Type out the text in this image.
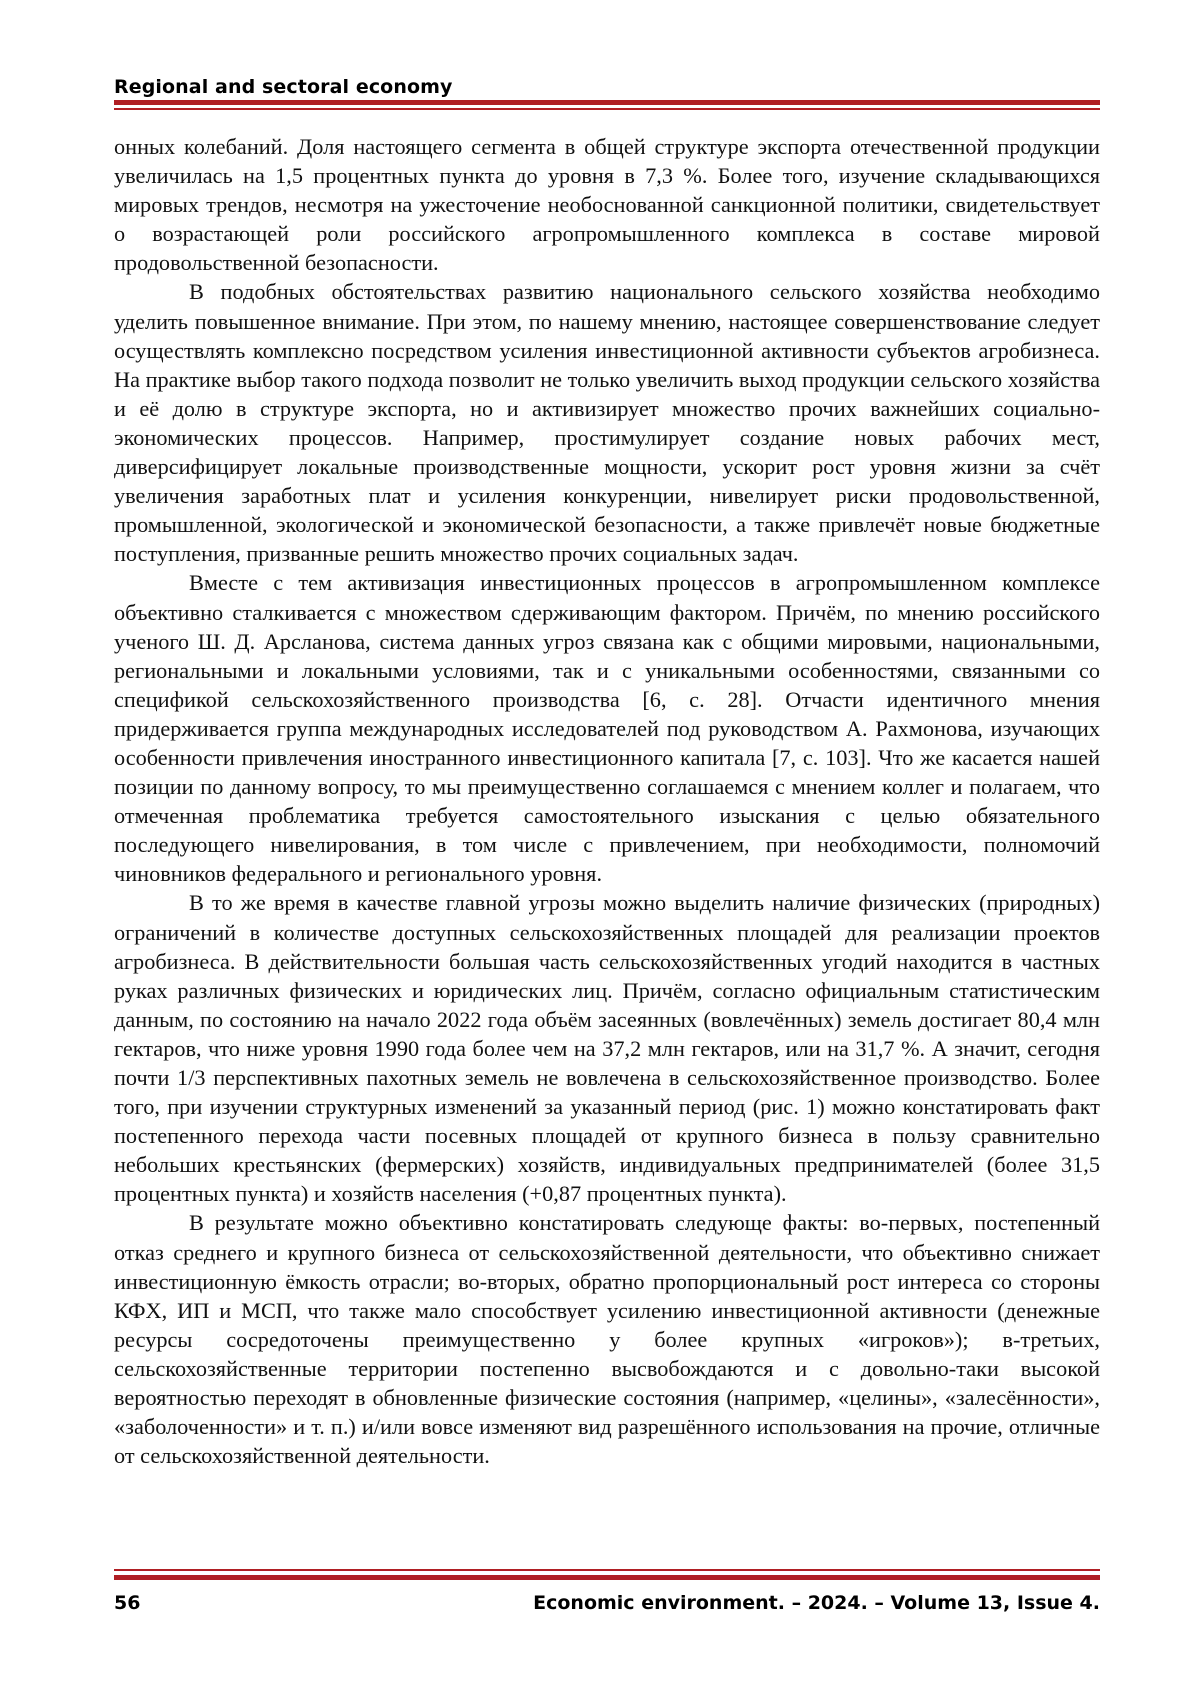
Regional and sectoral economy

онных колебаний. Доля настоящего сегмента в общей структуре экспорта отечественной продукции увеличилась на 1,5 процентных пункта до уровня в 7,3 %. Более того, изучение складывающихся мировых трендов, несмотря на ужесточение необоснованной санкционной политики, свидетельствует о возрастающей роли российского агропромышленного комплекса в составе мировой продовольственной безопасности.

В подобных обстоятельствах развитию национального сельского хозяйства необходимо уделить повышенное внимание. При этом, по нашему мнению, настоящее совершенствование следует осуществлять комплексно посредством усиления инвестиционной активности субъектов агробизнеса. На практике выбор такого подхода позволит не только увеличить выход продукции сельского хозяйства и её долю в структуре экспорта, но и активизирует множество прочих важнейших социально-экономических процессов. Например, простимулирует создание новых рабочих мест, диверсифицирует локальные производственные мощности, ускорит рост уровня жизни за счёт увеличения заработных плат и усиления конкуренции, нивелирует риски продовольственной, промышленной, экологической и экономической безопасности, а также привлечёт новые бюджетные поступления, призванные решить множество прочих социальных задач.

Вместе с тем активизация инвестиционных процессов в агропромышленном комплексе объективно сталкивается с множеством сдерживающим фактором. Причём, по мнению российского ученого Ш. Д. Арсланова, система данных угроз связана как с общими мировыми, национальными, региональными и локальными условиями, так и с уникальными особенностями, связанными со спецификой сельскохозяйственного производства [6, с. 28]. Отчасти идентичного мнения придерживается группа международных исследователей под руководством А. Рахмонова, изучающих особенности привлечения иностранного инвестиционного капитала [7, с. 103]. Что же касается нашей позиции по данному вопросу, то мы преимущественно соглашаемся с мнением коллег и полагаем, что отмеченная проблематика требуется самостоятельного изыскания с целью обязательного последующего нивелирования, в том числе с привлечением, при необходимости, полномочий чиновников федерального и регионального уровня.

В то же время в качестве главной угрозы можно выделить наличие физических (природных) ограничений в количестве доступных сельскохозяйственных площадей для реализации проектов агробизнеса. В действительности большая часть сельскохозяйственных угодий находится в частных руках различных физических и юридических лиц. Причём, согласно официальным статистическим данным, по состоянию на начало 2022 года объём засеянных (вовлечённых) земель достигает 80,4 млн гектаров, что ниже уровня 1990 года более чем на 37,2 млн гектаров, или на 31,7 %. А значит, сегодня почти 1/3 перспективных пахотных земель не вовлечена в сельскохозяйственное производство. Более того, при изучении структурных изменений за указанный период (рис. 1) можно констатировать факт постепенного перехода части посевных площадей от крупного бизнеса в пользу сравнительно небольших крестьянских (фермерских) хозяйств, индивидуальных предпринимателей (более 31,5 процентных пункта) и хозяйств населения (+0,87 процентных пункта).

В результате можно объективно констатировать следующе факты: во-первых, постепенный отказ среднего и крупного бизнеса от сельскохозяйственной деятельности, что объективно снижает инвестиционную ёмкость отрасли; во-вторых, обратно пропорциональный рост интереса со стороны КФХ, ИП и МСП, что также мало способствует усилению инвестиционной активности (денежные ресурсы сосредоточены преимущественно у более крупных «игроков»); в-третьих, сельскохозяйственные территории постепенно высвобождаются и с довольно-таки высокой вероятностью переходят в обновленные физические состояния (например, «целины», «залесённости», «заболоченности» и т. п.) и/или вовсе изменяют вид разрешённого использования на прочие, отличные от сельскохозяйственной деятельности.

56	Economic environment. – 2024. – Volume 13, Issue 4.
